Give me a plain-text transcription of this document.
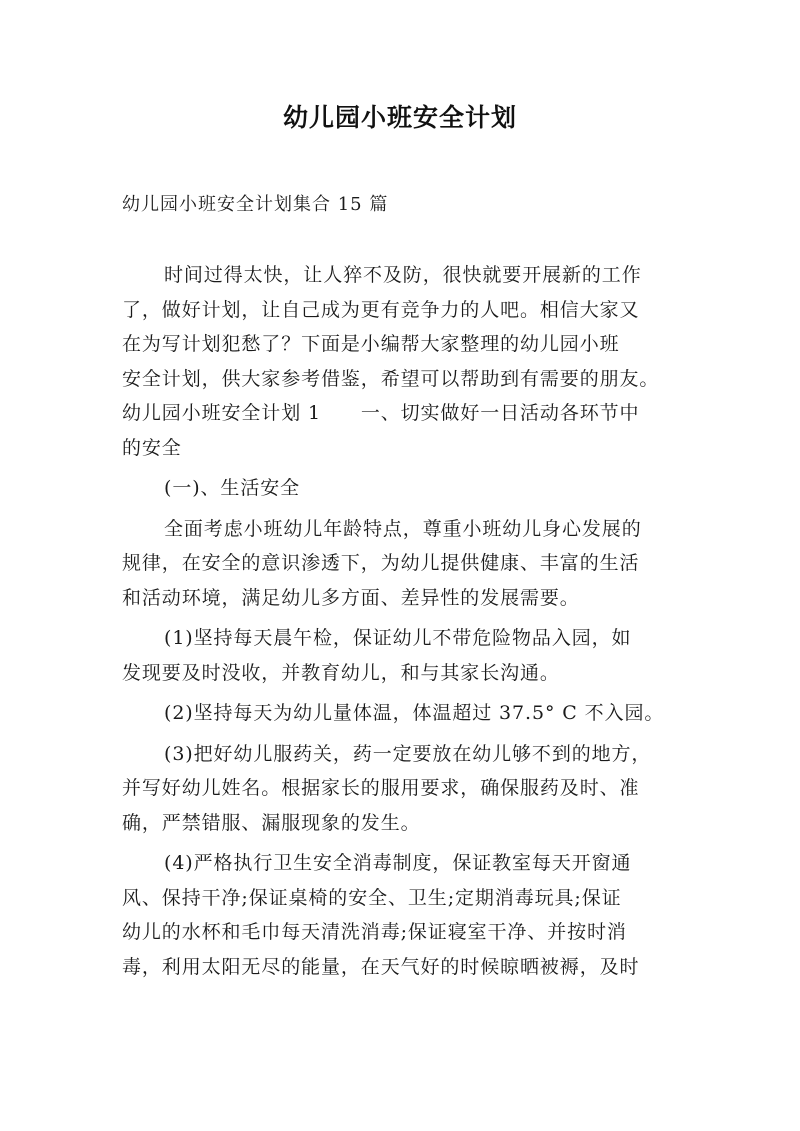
幼儿园小班安全计划
幼儿园小班安全计划集合 15 篇
时间过得太快，让人猝不及防，很快就要开展新的工作
了，做好计划，让自己成为更有竞争力的人吧。相信大家又
在为写计划犯愁了？下面是小编帮大家整理的幼儿园小班
安全计划，供大家参考借鉴，希望可以帮助到有需要的朋友。
幼儿园小班安全计划 1　　一、切实做好一日活动各环节中
的安全
(一)、生活安全
全面考虑小班幼儿年龄特点，尊重小班幼儿身心发展的
规律，在安全的意识渗透下，为幼儿提供健康、丰富的生活
和活动环境，满足幼儿多方面、差异性的发展需要。
(1)坚持每天晨午检，保证幼儿不带危险物品入园，如
发现要及时没收，并教育幼儿，和与其家长沟通。
(2)坚持每天为幼儿量体温，体温超过 37.5° C 不入园。
(3)把好幼儿服药关，药一定要放在幼儿够不到的地方，
并写好幼儿姓名。根据家长的服用要求，确保服药及时、准
确，严禁错服、漏服现象的发生。
(4)严格执行卫生安全消毒制度，保证教室每天开窗通
风、保持干净;保证桌椅的安全、卫生;定期消毒玩具;保证
幼儿的水杯和毛巾每天清洗消毒;保证寝室干净、并按时消
毒，利用太阳无尽的能量，在天气好的时候晾晒被褥，及时
